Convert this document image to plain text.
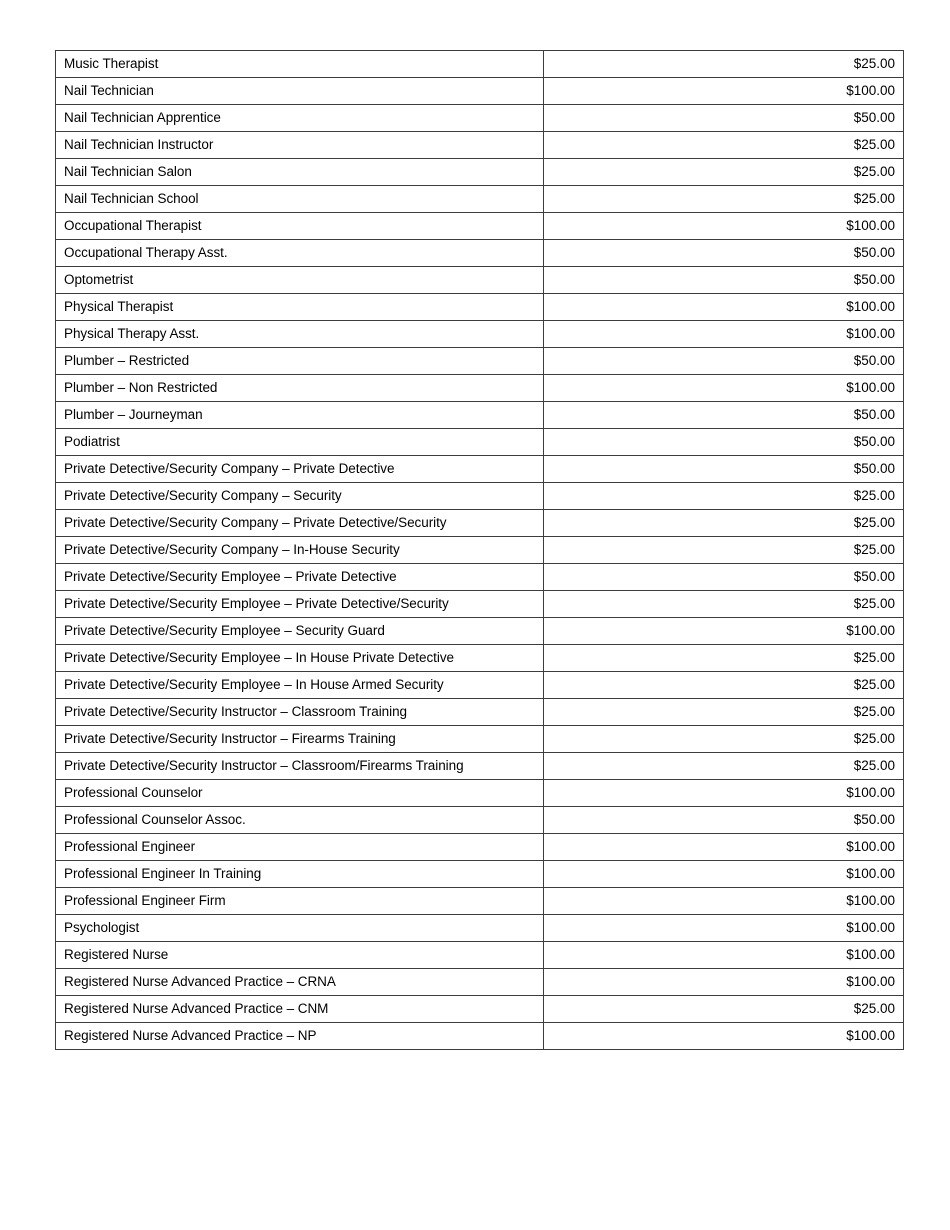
Music Therapist	$25.00
Nail Technician	$100.00
Nail Technician Apprentice	$50.00
Nail Technician Instructor	$25.00
Nail Technician Salon	$25.00
Nail Technician School	$25.00
Occupational Therapist	$100.00
Occupational Therapy Asst.	$50.00
Optometrist	$50.00
Physical Therapist	$100.00
Physical Therapy Asst.	$100.00
Plumber – Restricted	$50.00
Plumber – Non Restricted	$100.00
Plumber – Journeyman	$50.00
Podiatrist	$50.00
Private Detective/Security Company – Private Detective	$50.00
Private Detective/Security Company – Security	$25.00
Private Detective/Security Company – Private Detective/Security	$25.00
Private Detective/Security Company – In-House Security	$25.00
Private Detective/Security Employee – Private Detective	$50.00
Private Detective/Security Employee – Private Detective/Security	$25.00
Private Detective/Security Employee – Security Guard	$100.00
Private Detective/Security Employee – In House Private Detective	$25.00
Private Detective/Security Employee – In House Armed Security	$25.00
Private Detective/Security Instructor – Classroom Training	$25.00
Private Detective/Security Instructor – Firearms Training	$25.00
Private Detective/Security Instructor – Classroom/Firearms Training	$25.00
Professional Counselor	$100.00
Professional Counselor Assoc.	$50.00
Professional Engineer	$100.00
Professional Engineer In Training	$100.00
Professional Engineer Firm	$100.00
Psychologist	$100.00
Registered Nurse	$100.00
Registered Nurse Advanced Practice – CRNA	$100.00
Registered Nurse Advanced Practice – CNM	$25.00
Registered Nurse Advanced Practice – NP	$100.00
